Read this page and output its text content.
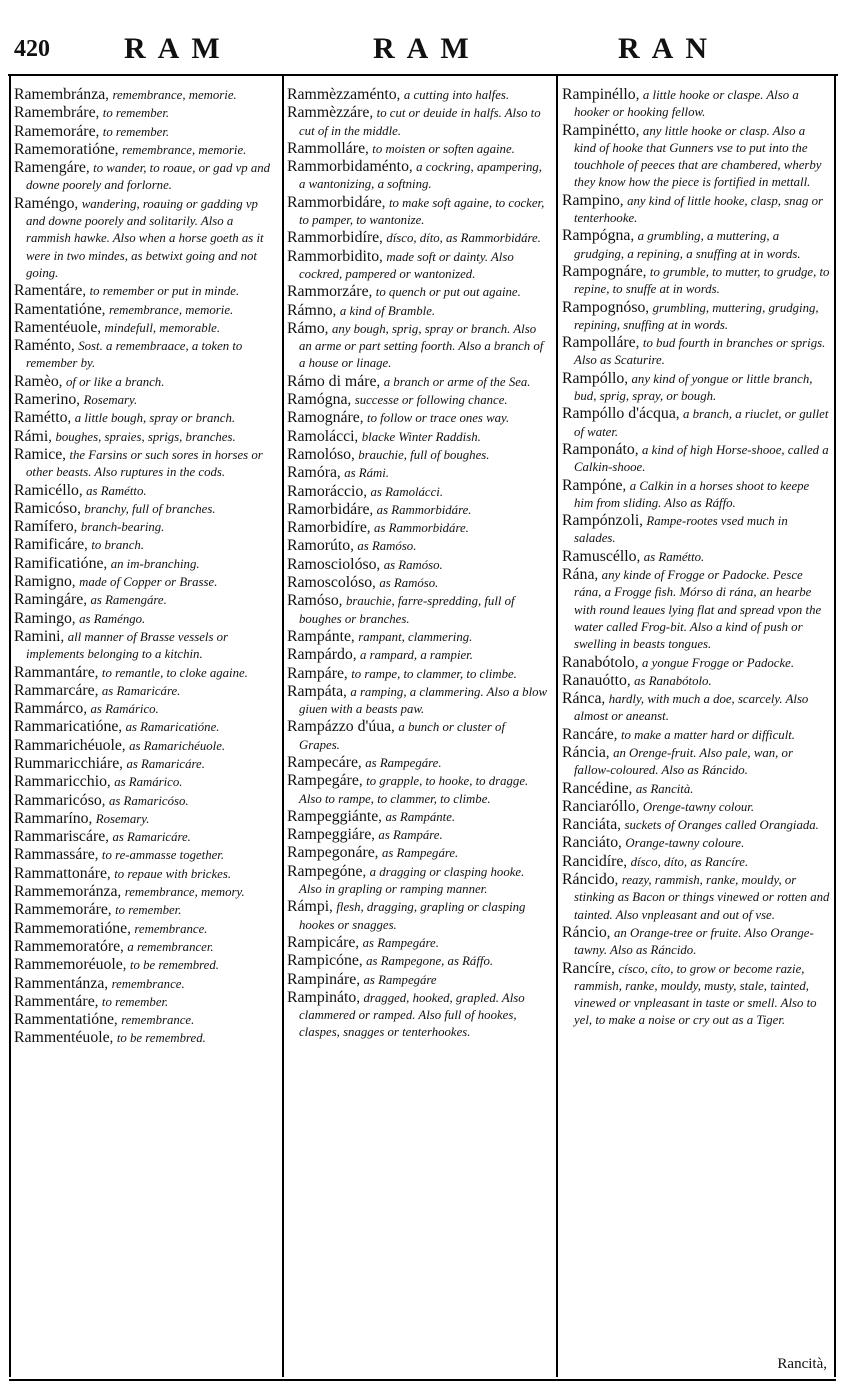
420 RAM	RAM	RAN

Ramembránza, remembrance, memorie.

Ramembráre, to remember.

Ramemoráre, to remember.

Ramemoratióne, remembrance, memorie.

Ramengáre, to wander, to roaue, or gad vp and downe poorely and forlorne.

Raméngo, wandering, roauing or gadding vp and downe poorely and solitarily. Also a rammish hawke. Also when a horse goeth as it were in two mindes, as betwixt going and not going.

Ramentáre, to remember or put in minde.

Ramentatióne, remembrance, memorie.

Ramentéuole, mindefull, memorable.

Raménto, Sost. a remembraace, a token to remember by.

Ramèo, of or like a branch.

Ramerino, Rosemary.

Ramétto, a little bough, spray or branch.

Rámi, boughes, spraies, sprigs, branches.

Ramice, the Farsins or such sores in horses or other beasts. Also ruptures in the cods.

Ramicéllo, as Ramétto.

Ramicóso, branchy, full of branches.

Ramífero, branch-bearing.

Ramificáre, to branch.

Ramificatióne, an im-branching.

Ramigno, made of Copper or Brasse.

Ramingáre, as Ramengáre.

Ramingo, as Raméngo.

Ramini, all manner of Brasse vessels or implements belonging to a kitchin.

Rammantáre, to remantle, to cloke againe.

Rammarcáre, as Ramaricáre.

Rammárco, as Ramárico.

Rammaricatióne, as Ramaricatióne.

Rammarichéuole, as Ramarichéuole.

Rummaricchiáre, as Ramaricáre.

Rammaricchio, as Ramárico.

Rammaricóso, as Ramaricóso.

Rammaríno, Rosemary.

Rammariscáre, as Ramaricáre.

Rammassáre, to re-ammasse together.

Rammattonáre, to repaue with brickes.

Rammemoránza, remembrance, memory.

Rammemoráre, to remember.

Rammemoratióne, remembrance.

Rammemoratóre, a remembrancer.

Rammemoréuole, to be remembred.

Rammentánza, remembrance.

Rammentáre, to remember.

Rammentatióne, remembrance.

Rammentéuole, to be remembred.

Rammèzzaménto, a cutting into halfes.

Rammèzzáre, to cut or deuide in halfs. Also to cut of in the middle.

Rammolláre, to moisten or soften againe.

Rammorbidaménto, a cockring, apampering, a wantonizing, a softning.

Rammorbidáre, to make soft againe, to cocker, to pamper, to wantonize.

Rammorbidíre, dísco, díto, as Rammorbidáre.

Rammorbidito, made soft or dainty. Also cockred, pampered or wantonized.

Rammorzáre, to quench or put out againe.

Rámno, a kind of Bramble.

Rámo, any bough, sprig, spray or branch. Also an arme or part setting foorth. Also a branch of a house or linage.

Rámo di máre, a branch or arme of the Sea.

Ramógna, successe or following chance.

Ramognáre, to follow or trace ones way.

Ramolácci, blacke Winter Raddish.

Ramolóso, brauchie, full of boughes.

Ramóra, as Rámi.

Ramoráccio, as Ramolácci.

Ramorbidáre, as Rammorbidáre.

Ramorbidíre, as Rammorbidáre.

Ramorúto, as Ramóso.

Ramosciolóso, as Ramóso.

Ramoscolóso, as Ramóso.

Ramóso, brauchie, farre-spredding, full of boughes or branches.

Rampánte, rampant, clammering.

Rampárdo, a rampard, a rampier.

Rampáre, to rampe, to clammer, to climbe.

Rampáta, a ramping, a clammering. Also a blow giuen with a beasts paw.

Rampázzo d'úua, a bunch or cluster of Grapes.

Rampecáre, as Rampegáre.

Rampegáre, to grapple, to hooke, to dragge. Also to rampe, to clammer, to climbe.

Rampeggiánte, as Rampánte.

Rampeggiáre, as Rampáre.

Rampegonáre, as Rampegáre.

Rampegóne, a dragging or clasping hooke. Also in grapling or ramping manner.

Rámpi, flesh, dragging, grapling or clasping hookes or snagges.

Rampicáre, as Rampegáre.

Rampicóne, as Rampegone, as Ráffo.

Rampináre, as Rampegáre

Rampináto, dragged, hooked, grapled. Also clammered or ramped. Also full of hookes, claspes, snagges or tenterhookes.

Rampinéllo, a little hooke or claspe. Also a hooker or hooking fellow.

Rampinétto, any little hooke or clasp. Also a kind of hooke that Gunners vse to put into the touchhole of peeces that are chambered, wherby they know how the piece is fortified in mettall.

Rampino, any kind of little hooke, clasp, snag or tenterhooke.

Rampógna, a grumbling, a muttering, a grudging, a repining, a snuffing at in words.

Rampognáre, to grumble, to mutter, to grudge, to repine, to snuffe at in words.

Rampognóso, grumbling, muttering, grudging, repining, snuffing at in words.

Rampolláre, to bud fourth in branches or sprigs. Also as Scaturire.

Rampóllo, any kind of yongue or little branch, bud, sprig, spray, or bough.

Rampóllo d'ácqua, a branch, a riuclet, or gullet of water.

Ramponáto, a kind of high Horse-shooe, called a Calkin-shooe.

Rampóne, a Calkin in a horses shoot to keepe him from sliding. Also as Ráffo.

Rampónzoli, Rampe-rootes vsed much in salades.

Ramuscéllo, as Ramétto.

Rána, any kinde of Frogge or Padocke. Pesce rána, a Frogge fish. Mórso di rána, an hearbe with round leaues lying flat and spread vpon the water called Frog-bit. Also a kind of push or swelling in beasts tongues.

Ranabótolo, a yongue Frogge or Padocke.

Ranauótto, as Ranabótolo.

Ránca, hardly, with much a doe, scarcely. Also almost or aneanst.

Rancáre, to make a matter hard or difficult.

Ráncia, an Orenge-fruit. Also pale, wan, or fallow-coloured. Also as Ráncido.

Rancédine, as Rancità.

Ranciaróllo, Orenge-tawny colour.

Ranciáta, suckets of Oranges called Orangiada.

Ranciáto, Orange-tawny coloure.

Rancidíre, dísco, díto, as Rancíre.

Ráncido, reazy, rammish, ranke, mouldy, or stinking as Bacon or things vinewed or rotten and tainted. Also vnpleasant and out of vse.

Ráncio, an Orange-tree or fruite. Also Orange-tawny. Also as Ráncido.

Rancíre, císco, cíto, to grow or become razie, rammish, ranke, mouldy, musty, stale, tainted, vinewed or vnpleasant in taste or smell. Also to yel, to make a noise or cry out as a Tiger.

Rancità,
